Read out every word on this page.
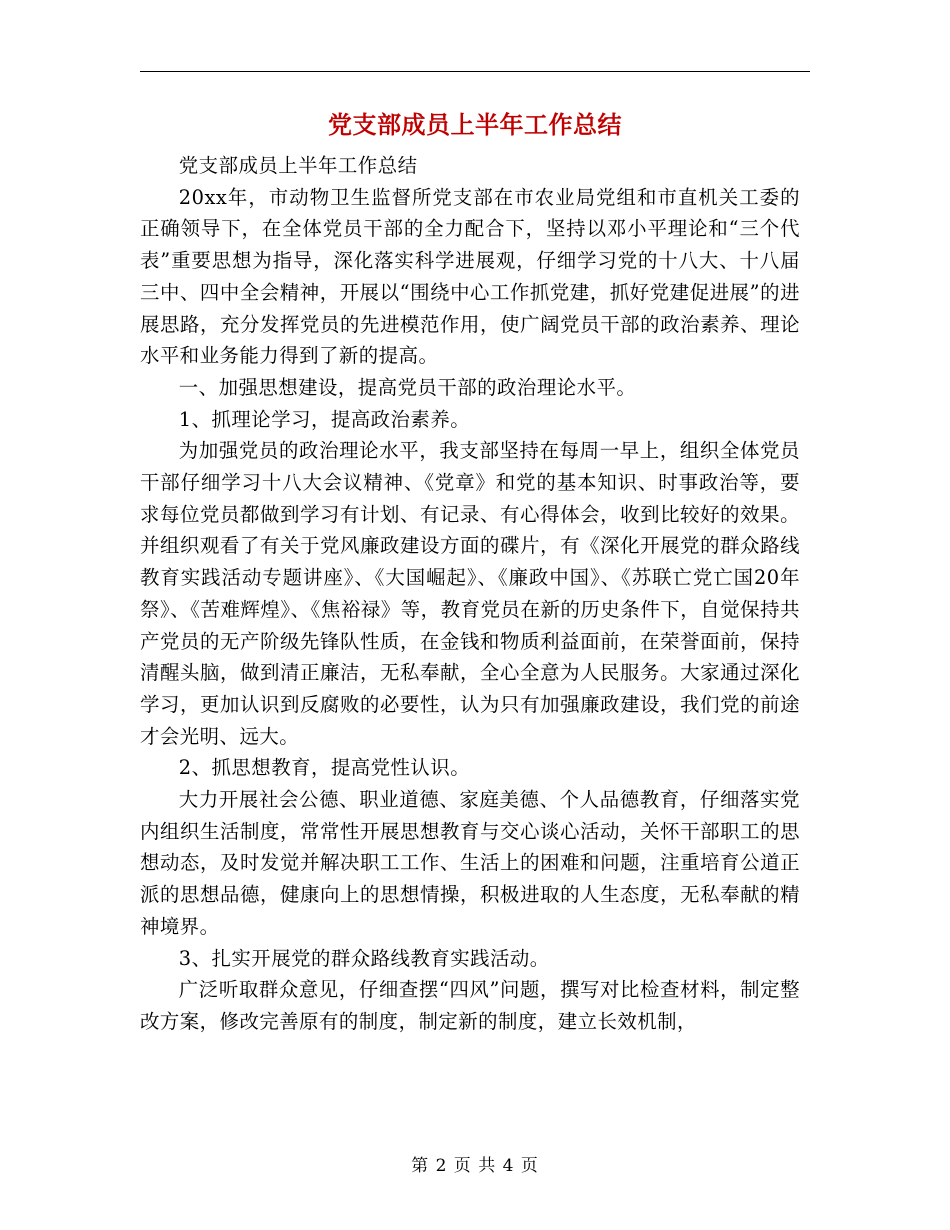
党支部成员上半年工作总结

党支部成员上半年工作总结

20xx年，市动物卫生监督所党支部在市农业局党组和市直机关工委的正确领导下，在全体党员干部的全力配合下，坚持以邓小平理论和“三个代表”重要思想为指导，深化落实科学进展观，仔细学习党的十八大、十八届三中、四中全会精神，开展以“围绕中心工作抓党建，抓好党建促进展”的进展思路，充分发挥党员的先进模范作用，使广阔党员干部的政治素养、理论水平和业务能力得到了新的提高。

一、加强思想建设，提高党员干部的政治理论水平。

1、抓理论学习，提高政治素养。

为加强党员的政治理论水平，我支部坚持在每周一早上，组织全体党员干部仔细学习十八大会议精神、《党章》和党的基本知识、时事政治等，要求每位党员都做到学习有计划、有记录、有心得体会，收到比较好的效果。并组织观看了有关于党风廉政建设方面的碟片，有《深化开展党的群众路线教育实践活动专题讲座》、《大国崛起》、《廉政中国》、《苏联亡党亡国20年祭》、《苦难辉煌》、《焦裕禄》等，教育党员在新的历史条件下，自觉保持共产党员的无产阶级先锋队性质，在金钱和物质利益面前，在荣誉面前，保持清醒头脑，做到清正廉洁，无私奉献，全心全意为人民服务。大家通过深化学习，更加认识到反腐败的必要性，认为只有加强廉政建设，我们党的前途才会光明、远大。

2、抓思想教育，提高党性认识。

大力开展社会公德、职业道德、家庭美德、个人品德教育，仔细落实党内组织生活制度，常常性开展思想教育与交心谈心活动，关怀干部职工的思想动态，及时发觉并解决职工工作、生活上的困难和问题，注重培育公道正派的思想品德，健康向上的思想情操，积极进取的人生态度，无私奉献的精神境界。

3、扎实开展党的群众路线教育实践活动。

广泛听取群众意见，仔细查摆“四风”问题，撰写对比检查材料，制定整改方案，修改完善原有的制度，制定新的制度，建立长效机制，

第 2 页 共 4 页
